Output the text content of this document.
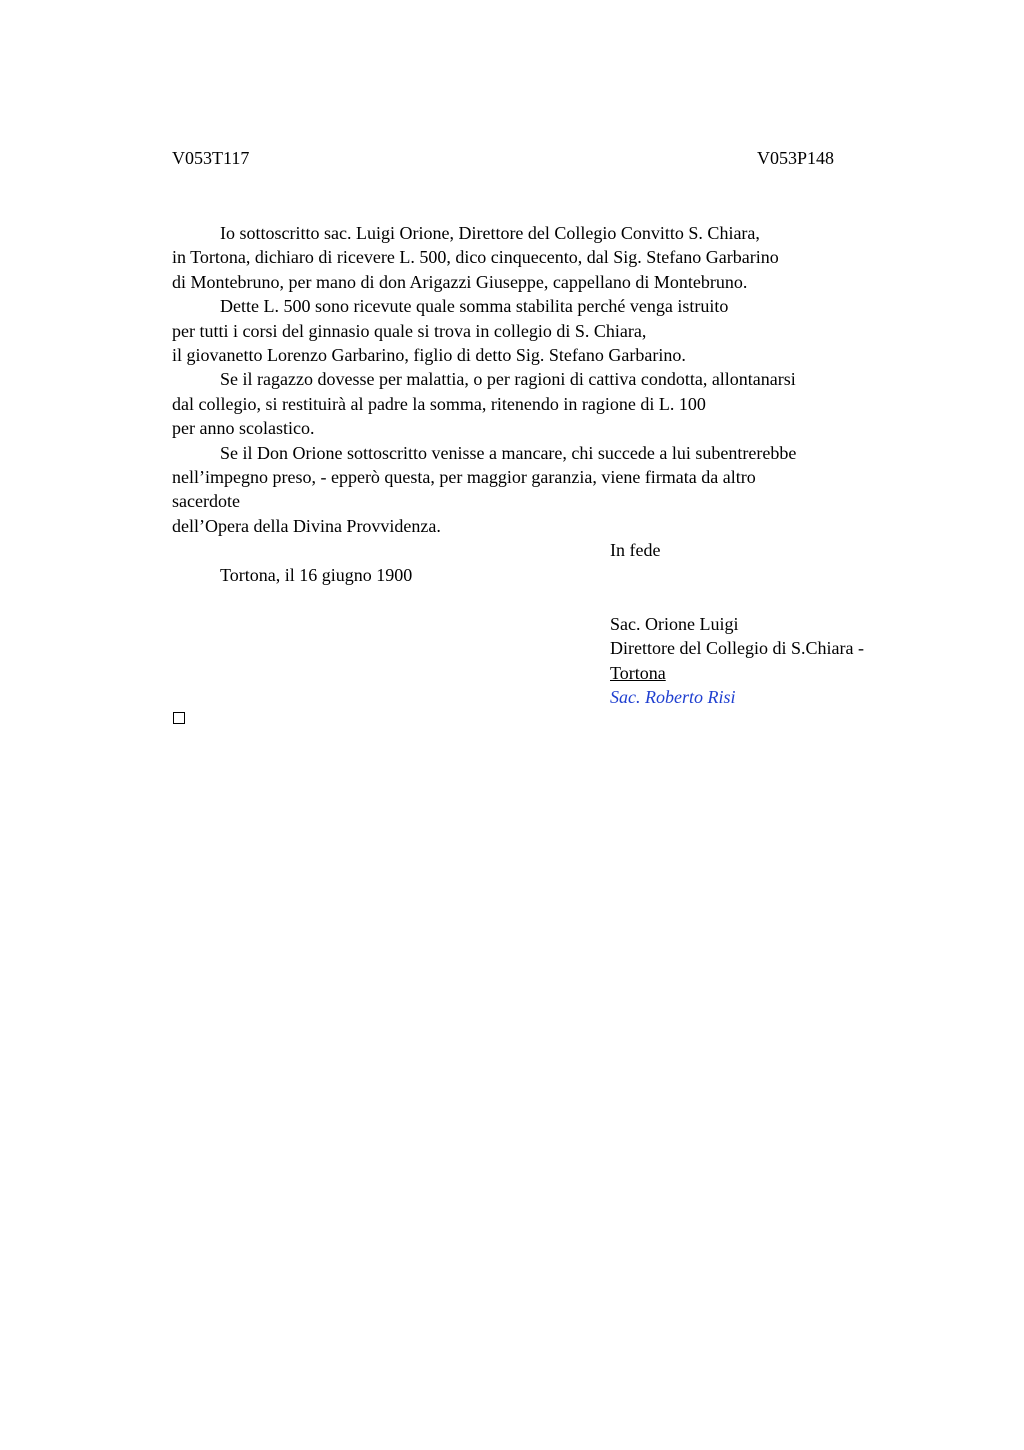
V053T117	V053P148
Io sottoscritto sac. Luigi Orione, Direttore del Collegio Convitto S. Chiara,
in Tortona, dichiaro di ricevere L. 500, dico cinquecento, dal Sig. Stefano Garbarino
di Montebruno, per mano di don Arigazzi Giuseppe, cappellano di Montebruno.
Dette L. 500 sono ricevute quale somma stabilita perché venga istruito
per tutti i corsi del ginnasio quale si trova in collegio di S. Chiara,
il giovanetto Lorenzo Garbarino, figlio di detto Sig. Stefano Garbarino.
Se il ragazzo dovesse per malattia, o per ragioni di cattiva condotta, allontanarsi
dal collegio, si restituirà al padre la somma, ritenendo in ragione di L. 100
per anno scolastico.
Se il Don Orione sottoscritto venisse a mancare, chi succede a lui subentrerebbe
nell’impegno preso, - epperò questa, per maggior garanzia, viene firmata da altro
sacerdote
dell’Opera della Divina Provvidenza.
In fede
Tortona, il 16 giugno 1900
Sac. Orione Luigi
Direttore del Collegio di S.Chiara -
Tortona
Sac. Roberto Risi
